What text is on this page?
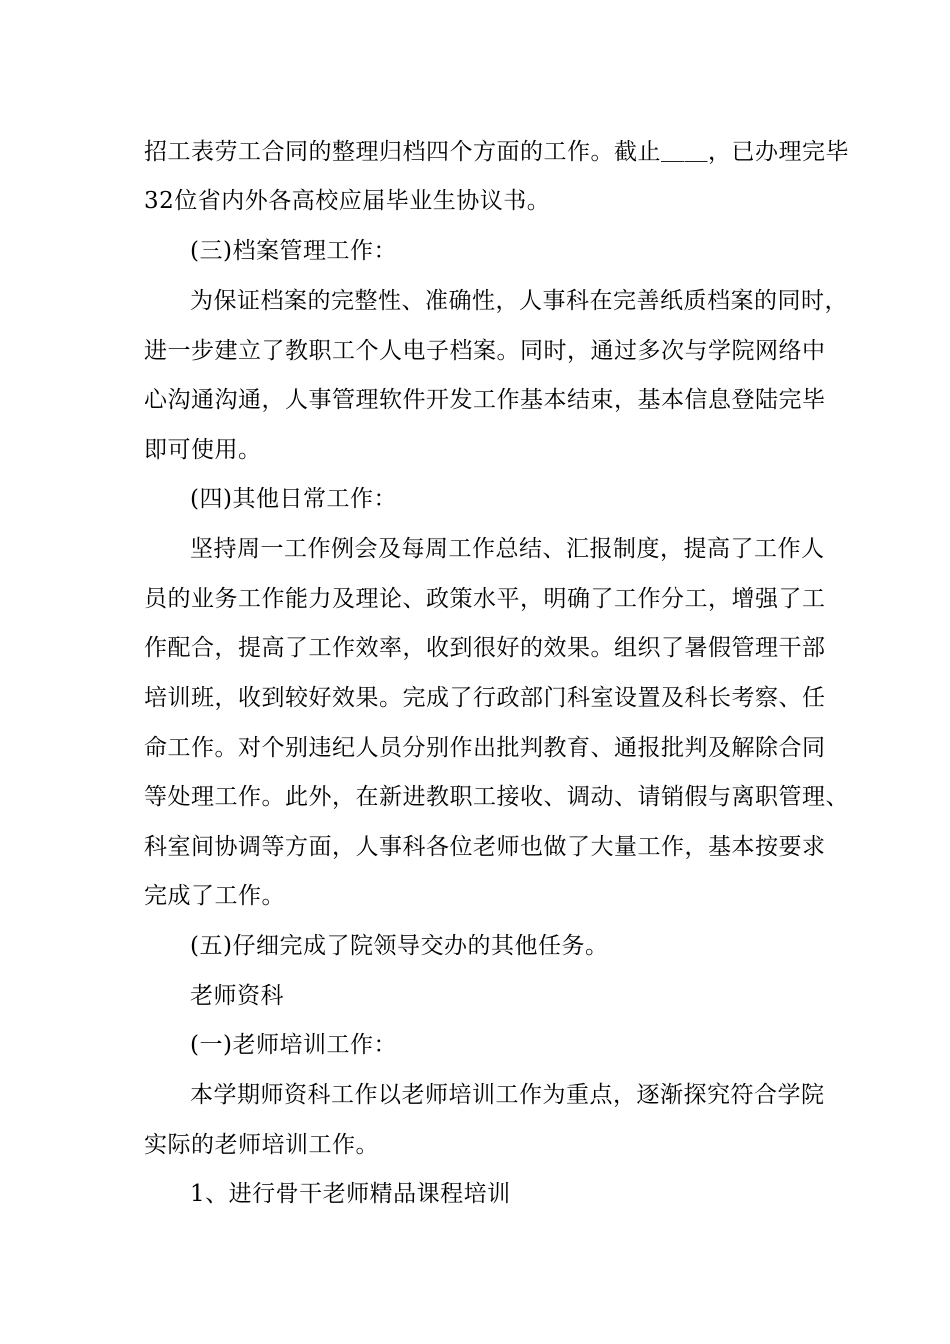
招工表劳工合同的整理归档四个方面的工作。截止＿＿，已办理完毕
32位省内外各高校应届毕业生协议书。
(三)档案管理工作：
为保证档案的完整性、准确性，人事科在完善纸质档案的同时，
进一步建立了教职工个人电子档案。同时，通过多次与学院网络中
心沟通沟通，人事管理软件开发工作基本结束，基本信息登陆完毕
即可使用。
(四)其他日常工作：
坚持周一工作例会及每周工作总结、汇报制度，提高了工作人
员的业务工作能力及理论、政策水平，明确了工作分工，增强了工
作配合，提高了工作效率，收到很好的效果。组织了暑假管理干部
培训班，收到较好效果。完成了行政部门科室设置及科长考察、任
命工作。对个别违纪人员分别作出批判教育、通报批判及解除合同
等处理工作。此外，在新进教职工接收、调动、请销假与离职管理、
科室间协调等方面，人事科各位老师也做了大量工作，基本按要求
完成了工作。
(五)仔细完成了院领导交办的其他任务。
老师资科
(一)老师培训工作：
本学期师资科工作以老师培训工作为重点，逐渐探究符合学院
实际的老师培训工作。
1、进行骨干老师精品课程培训
